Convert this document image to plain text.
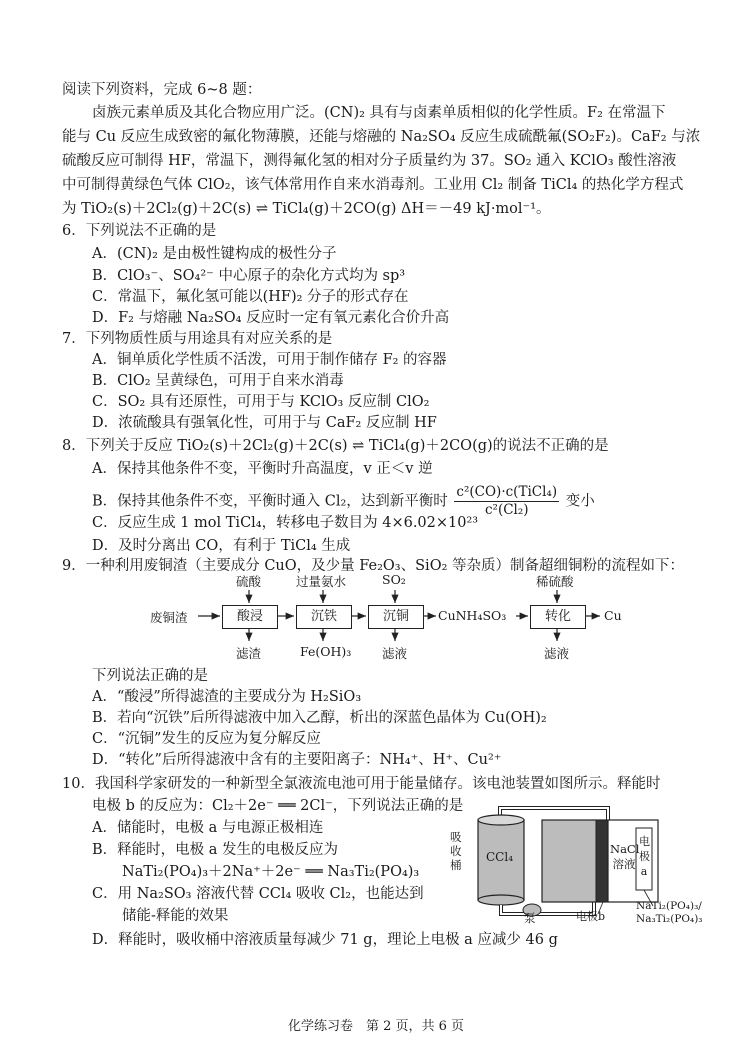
阅读下列资料，完成 6~8 题：
卤族元素单质及其化合物应用广泛。(CN)₂ 具有与卤素单质相似的化学性质。F₂ 在常温下
能与 Cu 反应生成致密的氟化物薄膜，还能与熔融的 Na₂SO₄ 反应生成硫酰氟(SO₂F₂)。CaF₂ 与浓
硫酸反应可制得 HF，常温下，测得氟化氢的相对分子质量约为 37。SO₂ 通入 KClO₃ 酸性溶液
中可制得黄绿色气体 ClO₂，该气体常用作自来水消毒剂。工业用 Cl₂ 制备 TiCl₄ 的热化学方程式
为 TiO₂(s)＋2Cl₂(g)＋2C(s) ⇌ TiCl₄(g)＋2CO(g) ΔH＝－49 kJ·mol⁻¹。
6．下列说法不正确的是
A．(CN)₂ 是由极性键构成的极性分子
B．ClO₃⁻、SO₄²⁻ 中心原子的杂化方式均为 sp³
C．常温下，氟化氢可能以(HF)₂ 分子的形式存在
D．F₂ 与熔融 Na₂SO₄ 反应时一定有氧元素化合价升高
7．下列物质性质与用途具有对应关系的是
A．铜单质化学性质不活泼，可用于制作储存 F₂ 的容器
B．ClO₂ 呈黄绿色，可用于自来水消毒
C．SO₂ 具有还原性，可用于与 KClO₃ 反应制 ClO₂
D．浓硫酸具有强氧化性，可用于与 CaF₂ 反应制 HF
8．下列关于反应 TiO₂(s)＋2Cl₂(g)＋2C(s) ⇌ TiCl₄(g)＋2CO(g)的说法不正确的是
A．保持其他条件不变，平衡时升高温度，v 正＜v 逆
B．保持其他条件不变，平衡时通入 Cl₂，达到新平衡时
c²(CO)·c(TiCl₄)
c²(Cl₂)
变小
C．反应生成 1 mol TiCl₄，转移电子数目为 4×6.02×10²³
D．及时分离出 CO，有利于 TiCl₄ 生成
9．一种利用废铜渣（主要成分 CuO，及少量 Fe₂O₃、SiO₂ 等杂质）制备超细铜粉的流程如下：
废铜渣	酸浸	沉铁	沉铜	CuNH₄SO₃	转化	Cu
硫酸	过量氨水	SO₂	稀硫酸
滤渣	Fe(OH)₃ 滤液	滤液
下列说法正确的是
A．“酸浸”所得滤渣的主要成分为 H₂SiO₃
B．若向“沉铁”后所得滤液中加入乙醇，析出的深蓝色晶体为 Cu(OH)₂
C．“沉铜”发生的反应为复分解反应
D．“转化”后所得滤液中含有的主要阳离子：NH₄⁺、H⁺、Cu²⁺
10．我国科学家研发的一种新型全氯液流电池可用于能量储存。该电池装置如图所示。释能时
电极 b 的反应为：Cl₂＋2e⁻ ══ 2Cl⁻，下列说法正确的是
A．储能时，电极 a 与电源正极相连
B．释能时，电极 a 发生的电极反应为
NaTi₂(PO₄)₃＋2Na⁺＋2e⁻ ══ Na₃Ti₂(PO₄)₃
C．用 Na₂SO₃ 溶液代替 CCl₄ 吸收 Cl₂，也能达到
储能-释能的效果
D．释能时，吸收桶中溶液质量每减少 71 g，理论上电极 a 应减少 46 g
吸
收
桶
CCl₄
NaCl
溶液
电
极
a
电极b
NaTi₂(PO₄)₃/
Na₃Ti₂(PO₄)₃
泵
化学练习卷　第 2 页，共 6 页
